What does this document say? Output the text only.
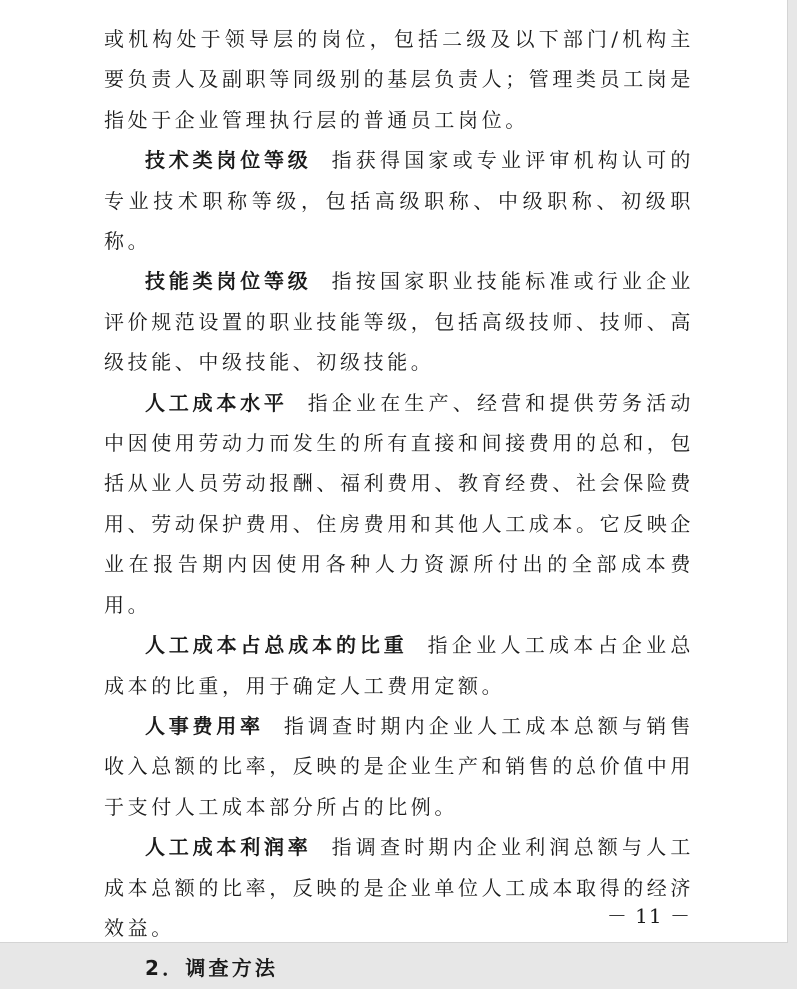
或机构处于领导层的岗位，包括二级及以下部门/机构主要负责人及副职等同级别的基层负责人；管理类员工岗是指处于企业管理执行层的普通员工岗位。

技术类岗位等级 指获得国家或专业评审机构认可的专业技术职称等级，包括高级职称、中级职称、初级职称。

技能类岗位等级 指按国家职业技能标准或行业企业评价规范设置的职业技能等级，包括高级技师、技师、高级技能、中级技能、初级技能。

人工成本水平 指企业在生产、经营和提供劳务活动中因使用劳动力而发生的所有直接和间接费用的总和，包括从业人员劳动报酬、福利费用、教育经费、社会保险费用、劳动保护费用、住房费用和其他人工成本。它反映企业在报告期内因使用各种人力资源所付出的全部成本费用。

人工成本占总成本的比重 指企业人工成本占企业总成本的比重，用于确定人工费用定额。

人事费用率 指调查时期内企业人工成本总额与销售收入总额的比率，反映的是企业生产和销售的总价值中用于支付人工成本部分所占的比例。

人工成本利润率 指调查时期内企业利润总额与人工成本总额的比率，反映的是企业单位人工成本取得的经济效益。

2．调查方法

－ 11 －
